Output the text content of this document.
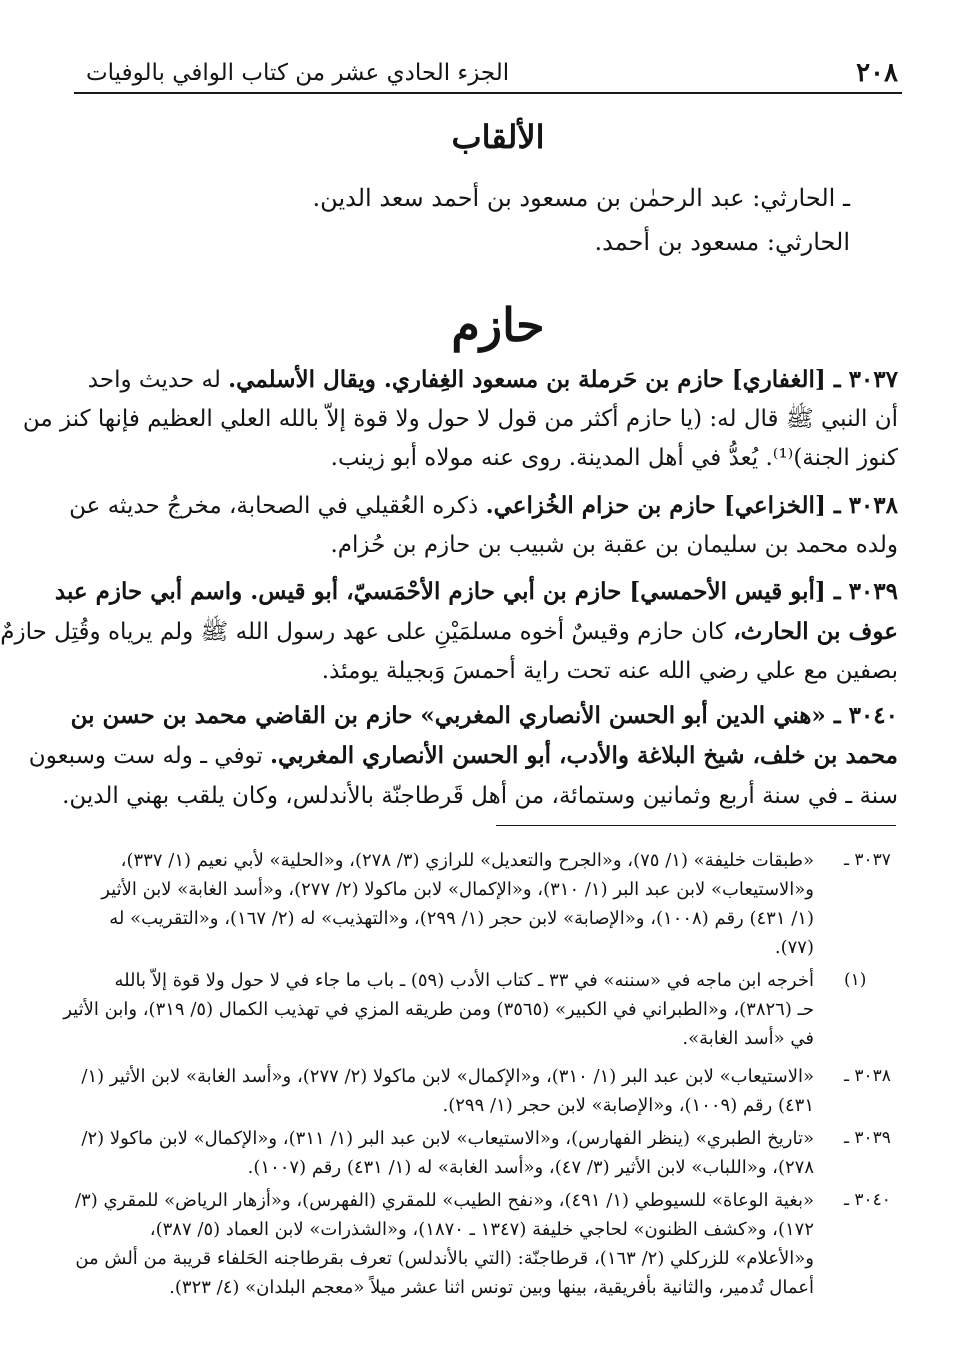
٢٠٨
الجزء الحادي عشر من كتاب الوافي بالوفيات
الألقاب
ـ الحارثي: عبد الرحمٰن بن مسعود بن أحمد سعد الدين.
الحارثي: مسعود بن أحمد.
حازم
٣٠٣٧ ـ [الغفاري] حازم بن حَرملة بن مسعود الغِفاري. ويقال الأسلمي. له حديث واحد
أن النبي ﷺ قال له: (يا حازم أكثر من قول لا حول ولا قوة إلاّ بالله العلي العظيم فإنها كنز من
كنوز الجنة)⁽¹⁾. يُعدُّ في أهل المدينة. روى عنه مولاه أبو زينب.
٣٠٣٨ ـ [الخزاعي] حازم بن حزام الخُزاعي. ذكره العُقيلي في الصحابة، مخرجُ حديثه عن
ولده محمد بن سليمان بن عقبة بن شبيب بن حازم بن حُزام.
٣٠٣٩ ـ [أبو قيس الأحمسي] حازم بن أبي حازم الأحْمَسيّ، أبو قيس. واسم أبي حازم عبد
عوف بن الحارث، كان حازم وقيسٌ أخوه مسلمَيْنِ على عهد رسول الله ﷺ ولم يرياه وقُتِل حازمٌ
بصفين مع علي رضي الله عنه تحت راية أحمسَ وَبجيلة يومئذ.
٣٠٤٠ ـ «هني الدين أبو الحسن الأنصاري المغربي» حازم بن القاضي محمد بن حسن بن
محمد بن خلف، شيخ البلاغة والأدب، أبو الحسن الأنصاري المغربي. توفي ـ وله ست وسبعون
سنة ـ في سنة أربع وثمانين وستمائة، من أهل قَرطاجنّة بالأندلس، وكان يلقب بهني الدين.
٣٠٣٧ ـ
«طبقات خليفة» (١/ ٧٥)، و«الجرح والتعديل» للرازي (٣/ ٢٧٨)، و«الحلية» لأبي نعيم (١/ ٣٣٧)،
و«الاستيعاب» لابن عبد البر (١/ ٣١٠)، و«الإكمال» لابن ماكولا (٢/ ٢٧٧)، و«أسد الغابة» لابن الأثير
(١/ ٤٣١) رقم (١٠٠٨)، و«الإصابة» لابن حجر (١/ ٢٩٩)، و«التهذيب» له (٢/ ١٦٧)، و«التقريب» له
(٧٧).
(١)
أخرجه ابن ماجه في «سننه» في ٣٣ ـ كتاب الأدب (٥٩) ـ باب ما جاء في لا حول ولا قوة إلاّ بالله
حـ (٣٨٢٦)، و«الطبراني في الكبير» (٣٥٦٥) ومن طريقه المزي في تهذيب الكمال (٥/ ٣١٩)، وابن الأثير
في «أسد الغابة».
٣٠٣٨ ـ
«الاستيعاب» لابن عبد البر (١/ ٣١٠)، و«الإكمال» لابن ماكولا (٢/ ٢٧٧)، و«أسد الغابة» لابن الأثير (١/
٤٣١) رقم (١٠٠٩)، و«الإصابة» لابن حجر (١/ ٢٩٩).
٣٠٣٩ ـ
«تاريخ الطبري» (ينظر الفهارس)، و«الاستيعاب» لابن عبد البر (١/ ٣١١)، و«الإكمال» لابن ماكولا (٢/
٢٧٨)، و«اللباب» لابن الأثير (٣/ ٤٧)، و«أسد الغابة» له (١/ ٤٣١) رقم (١٠٠٧).
٣٠٤٠ ـ
«بغية الوعاة» للسيوطي (١/ ٤٩١)، و«نفح الطيب» للمقري (الفهرس)، و«أزهار الرياض» للمقري (٣/
١٧٢)، و«كشف الظنون» لحاجي خليفة (١٣٤٧ ـ ١٨٧٠)، و«الشذرات» لابن العماد (٥/ ٣٨٧)،
و«الأعلام» للزركلي (٢/ ١٦٣)، قرطاجنّة: (التي بالأندلس) تعرف بقرطاجنه الحَلفاء قريبة من ألش من
أعمال تُدمير، والثانية بأفريقية، بينها وبين تونس اثنا عشر ميلاً «معجم البلدان» (٤/ ٣٢٣).
